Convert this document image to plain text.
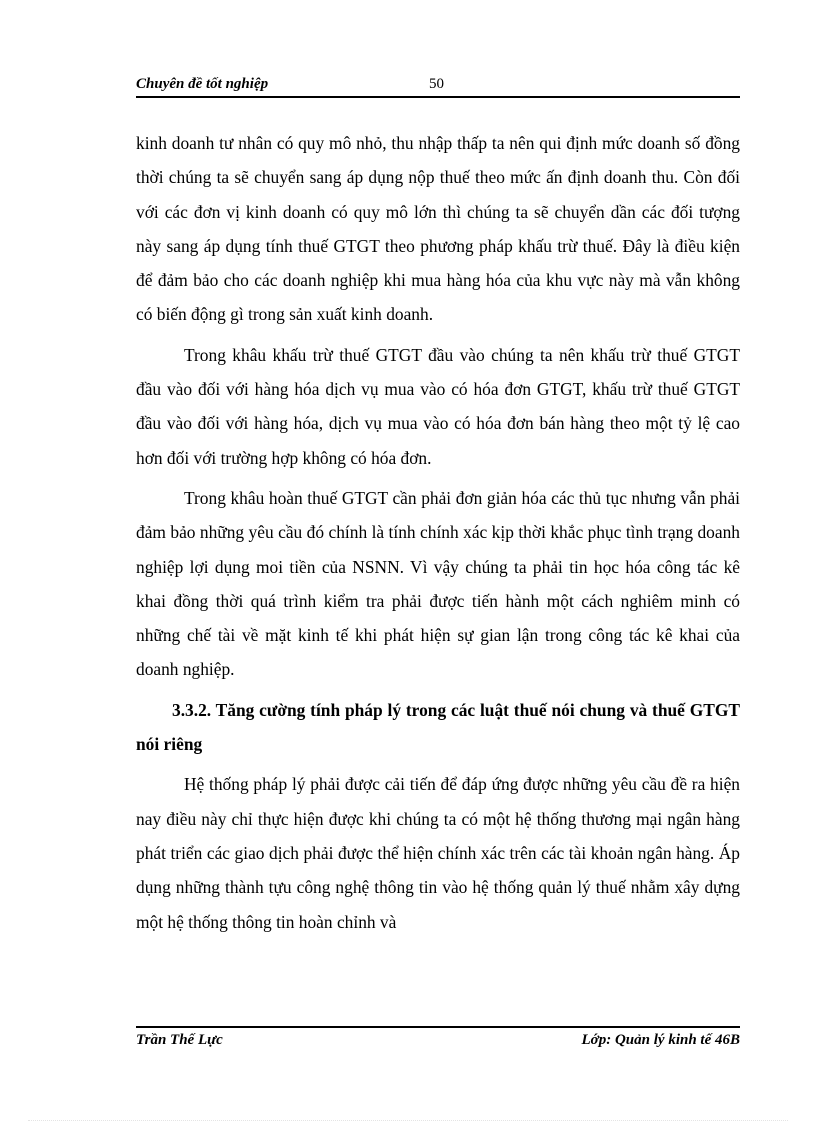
Chuyên đề tốt nghiệp	50

kinh doanh tư nhân có quy mô nhỏ, thu nhập thấp ta nên qui định mức doanh số đồng thời chúng ta sẽ chuyển sang áp dụng nộp thuế theo mức ấn định doanh thu. Còn đối với các đơn vị kinh doanh có quy mô lớn thì chúng ta sẽ chuyển dần các đối tượng này sang áp dụng tính thuế GTGT theo phương pháp khấu trừ thuế. Đây là điều kiện để đảm bảo cho các doanh nghiệp khi mua hàng hóa của khu vực này mà vẫn không có biến động gì trong sản xuất kinh doanh.

Trong khâu khấu trừ thuế GTGT đầu vào chúng ta nên khấu trừ thuế GTGT đầu vào đối với hàng hóa dịch vụ mua vào có hóa đơn GTGT, khấu trừ thuế GTGT đầu vào đối với hàng hóa, dịch vụ mua vào có hóa đơn bán hàng theo một tỷ lệ cao hơn đối với trường hợp không có hóa đơn.

Trong khâu hoàn thuế GTGT cần phải đơn giản hóa các thủ tục nhưng vẫn phải đảm bảo những yêu cầu đó chính là tính chính xác kịp thời khắc phục tình trạng doanh nghiệp lợi dụng moi tiền của NSNN. Vì vậy chúng ta phải tin học hóa công tác kê khai đồng thời quá trình kiểm tra phải được tiến hành một cách nghiêm minh có những chế tài về mặt kinh tế khi phát hiện sự gian lận trong công tác kê khai của doanh nghiệp.

3.3.2. Tăng cường tính pháp lý trong các luật thuế nói chung và thuế GTGT nói riêng

Hệ thống pháp lý phải được cải tiến để đáp ứng được những yêu cầu đề ra hiện nay điều này chỉ thực hiện được khi chúng ta có một hệ thống thương mại ngân hàng phát triển các giao dịch phải được thể hiện chính xác trên các tài khoản ngân hàng. Áp dụng những thành tựu công nghệ thông tin vào hệ thống quản lý thuế nhằm xây dựng một hệ thống thông tin hoàn chỉnh và

Trần Thế Lực	Lớp: Quản lý kinh tế 46B
